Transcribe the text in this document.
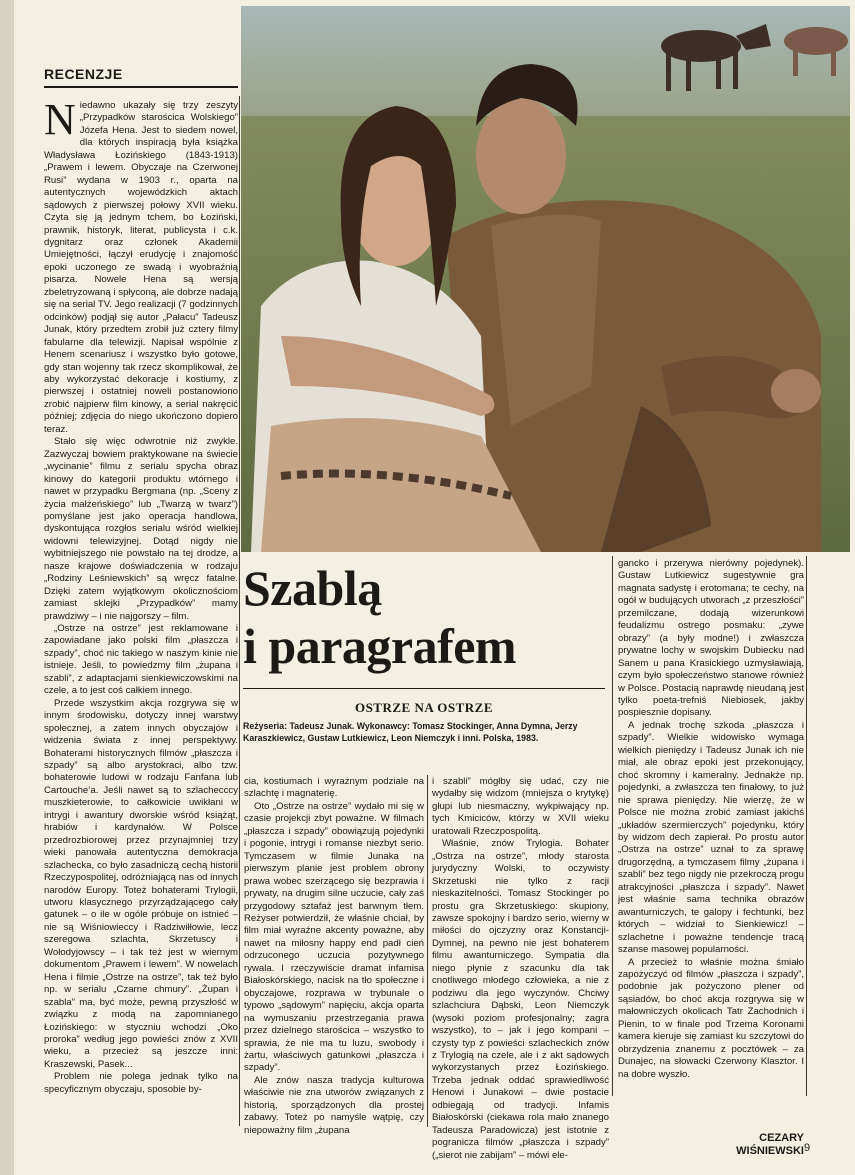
RECENZJE

Niedawno ukazały się trzy zeszyty „Przypadków starościca Wolskiego” Józefa Hena. Jest to siedem nowel, dla których inspiracją była książka Władysława Łozińskiego (1843-1913) „Prawem i lewem. Obyczaje na Czerwonej Rusi” wydana w 1903 r., oparta na autentycznych wojewódzkich aktach sądowych z pierwszej połowy XVII wieku. Czyta się ją jednym tchem, bo Łoziński, prawnik, historyk, literat, publicysta i c.k. dygnitarz oraz członek Akademii Umiejętności, łączył erudycję i znajomość epoki uczonego ze swadą i wyobraźnią pisarza. Nowele Hena są wersją zbeletryzowaną i spłyconą, ale dobrze nadają się na serial TV. Jego realizacji (7 godzinnych odcinków) podjął się autor „Pałacu” Tadeusz Junak, który przedtem zrobił już cztery filmy fabularne dla telewizji. Napisał wspólnie z Henem scenariusz i wszystko było gotowe, gdy stan wojenny tak rzecz skomplikował, że aby wykorzystać dekoracje i kostiumy, z pierwszej i ostatniej noweli postanowiono zrobić najpierw film kinowy, a serial nakręcić później; zdjęcia do niego ukończono dopiero teraz.

Stało się więc odwrotnie niż zwykle. Zazwyczaj bowiem praktykowane na świecie „wycinanie” filmu z serialu spycha obraz kinowy do kategorii produktu wtórnego i nawet w przypadku Bergmana (np. „Sceny z życia małżeńskiego” lub „Twarzą w twarz”) pomyślane jest jako operacja handlowa, dyskontująca rozgłos serialu wśród wielkiej widowni telewizyjnej. Dotąd nigdy nie wybitniejszego nie powstało na tej drodze, a nasze krajowe doświadczenia w rodzaju „Rodziny Leśniewskich” są wręcz fatalne. Dzięki zatem wyjątkowym okolicznościom zamiast sklejki „Przypadków” mamy prawdziwy – i nie najgorszy – film.

„Ostrze na ostrze” jest reklamowane i zapowiadane jako polski film „płaszcza i szpady”, choć nic takiego w naszym kinie nie istnieje. Jeśli, to powiedzmy film „żupana i szabli”, z adaptacjami sienkiewiczowskimi na czele, a to jest coś całkiem innego.

Przede wszystkim akcja rozgrywa się w innym środowisku, dotyczy innej warstwy społecznej, a zatem innych obyczajów i widzenia świata z innej perspektywy. Bohaterami historycznych filmów „płaszcza i szpady” są albo arystokraci, albo tzw. bohaterowie ludowi w rodzaju Fanfana lub Cartouche’a. Jeśli nawet są to szlachecccy muszkieterowie, to całkowicie uwikłani w intrygi i awantury dworskie wśród książąt, hrabiów i kardynałów. W Polsce przedrozbiorowej przez przynajmniej trzy wieki panowała autentyczna demokracja szlachecka, co było zasadniczą cechą historii Rzeczypospolitej, odróżniającą nas od innych narodów Europy. Toteż bohaterami Trylogii, utworu klasycznego przyrządzającego cały gatunek – o ile w ogóle próbuje on istnieć – nie są Wiśniowieccy i Radziwiłłowie, lecz szeregowa szlachta, Skrzetuscy i Wołodyjowscy – i tak też jest w wiernym dokumentom „Prawem i lewem”. W nowelach Hena i filmie „Ostrze na ostrze”, tak też było np. w serialu „Czarne chmury”. „Żupan i szabla” ma, być może, pewną przyszłość w związku z modą na zapomnianego Łozińskiego: w styczniu wchodzi „Oko proroka” według jego powieści znów z XVII wieku, a przecież są jeszcze inni: Kraszewski, Pasek...

Problem nie polega jednak tylko na specyficznym obyczaju, sposobie by-

Szablą
i paragrafem
OSTRZE NA OSTRZE
Reżyseria: Tadeusz Junak. Wykonawcy: Tomasz Stockinger, Anna Dymna, Jerzy Karaszkiewicz, Gustaw Lutkiewicz, Leon Niemczyk i inni. Polska, 1983.

cia, kostiumach i wyrażnym podziale na szlachtę i magnaterię.

Oto „Ostrze na ostrze” wydało mi się w czasie projekcji zbyt poważne. W filmach „płaszcza i szpady” obowiązują pojedynki i pogonie, intrygi i romanse niezbyt serio. Tymczasem w filmie Junaka na pierwszym planie jest problem obrony prawa wobec szerzącego się bezprawia i prywaty, na drugim silne uczucie, cały zaś przygodowy sztafaż jest barwnym tłem. Reżyser potwierdził, że właśnie chciał, by film miał wyraźne akcenty poważne, aby nawet na miłosny happy end padł cień odrzuconego uczucia pozytywnego rywala. I rzeczywiście dramat infamisa Białoskórskiego, nacisk na tło społeczne i obyczajowe, rozprawa w trybunale o typowo „sądowym” napięciu, akcja oparta na wymuszaniu przestrzegania prawa przez dzielnego starościca – wszystko to sprawia, że nie ma tu luzu, swobody i żartu, właściwych gatunkowi „płaszcza i szpady”.

Ale znów nasza tradycja kulturowa właściwie nie zna utworów związanych z historią, sporządzonych dla prostej zabawy. Toteż po namyśle wątpię, czy niepoważny film „żupana

i szabli” mógłby się udać, czy nie wydałby się widzom (mniejsza o krytykę) głupi lub niesmaczny, wykpiwający np. tych Kmiciców, którzy w XVII wieku uratowali Rzeczpospolitą.

Właśnie, znów Trylogia. Bohater „Ostrza na ostrze”, młody starosta jurydyczny Wolski, to oczywisty Skrzetuski nie tylko z racji nieskazitelności. Tomasz Stockinger po prostu gra Skrzetuskiego: skupiony, zawsze spokojny i bardzo serio, wierny w miłości do ojczyzny oraz Konstancji-Dymnej, na pewno nie jest bohaterem filmu awanturniczego. Sympatia dla niego płynie z szacunku dla tak cnotliwego młodego człowieka, a nie z podziwu dla jego wyczynów. Chciwy szlachciura Dąbski, Leon Niemczyk (wysoki poziom profesjonalny; zagra wszystko), to – jak i jego kompani – czysty typ z powieści szlacheckich znów z Trylogią na czele, ale i z akt sądowych wykorzystanych przez Łozińskiego. Trzeba jednak oddać sprawiedliwość Henowi i Junakowi – dwie postacie odbiegają od tradycji. Infamis Białoskórski (ciekawa rola mało znanego Tadeusza Paradowicza) jest istotnie z pogranicza filmów „płaszcza i szpady” („sierot nie zabijam” – mówi ele-

gancko i przerywa nierówny pojedynek). Gustaw Lutkiewicz sugestywnie gra magnata sadystę i erotomana; te cechy, na ogół w budujących utworach „z przeszłości” przemilczane, dodają wizerunkowi feudalizmu ostrego posmaku: „zywe obrazy” (a były modne!) i zwłaszcza prywatne lochy w swojskim Dubiecku nad Sanem u pana Krasickiego uzmysławiają, czym było społeczeństwo stanowe również w Polsce. Postacią naprawdę nieudaną jest tylko poeta-trefniś Niebiosek, jakby pospiesznie dopisany.

A jednak trochę szkoda „płaszcza i szpady”. Wielkie widowisko wymaga wielkich pieniędzy i Tadeusz Junak ich nie miał, ale obraz epoki jest przekonujący, choć skromny i kameralny. Jednakże np. pojedynki, a zwłaszcza ten finałowy, to już nie sprawa pieniędzy. Nie wierzę, że w Polsce nie można zrobić zamiast jakichś „układów szermierczych” pojedynku, który by widzom dech zapierał. Po prostu autor „Ostrza na ostrze” uznał to za sprawę drugorzędną, a tymczasem filmy „żupana i szabli” bez tego nigdy nie przekroczą progu atrakcyjności „płaszcza i szpady”. Nawet jest właśnie sama technika obrazów awanturniczych, te galopy i fechtunki, bez których – widział to Sienkiewicz! – szlachetne i poważne tendencje tracą szanse masowej popularności.

A przecież to właśnie można śmiało zapożyczyć od filmów „płaszcza i szpady”, podobnie jak pożyczono plener od sąsiadów, bo choć akcja rozgrywa się w małowniczych okolicach Tatr Zachodnich i Pienin, to w finale pod Trzema Koronami kamera kieruje się zamiast ku szczytowi do obrzydzenia znanemu z pocztówek – za Dunajec, na słowacki Czerwony Klasztor. I na dobre wyszło.

CEZARY
WIŚNIEWSKI 9
